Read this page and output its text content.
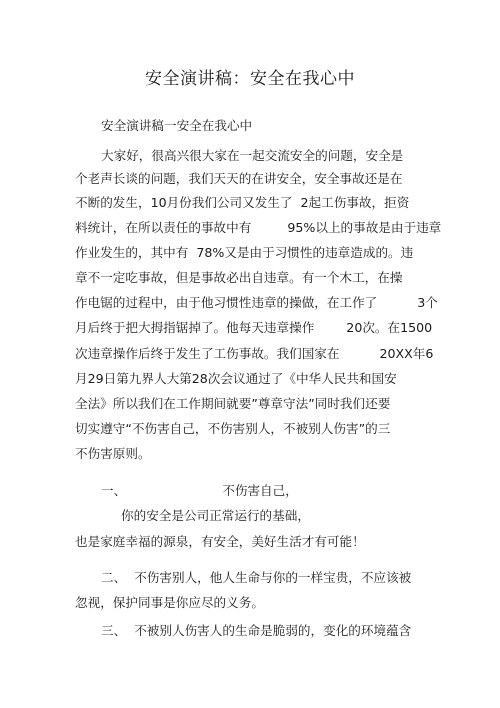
安全演讲稿：安全在我心中
安全演讲稿一安全在我心中
大家好，很高兴很大家在一起交流安全的问题，安全是
个老声长谈的问题，我们天天的在讲安全，安全事故还是在
不断的发生，10月份我们公司又发生了  2起工伤事故，拒资
料统计，在所以责任的事故中有         95%以上的事故是由于违章
作业发生的，其中有  78%又是由于习惯性的违章造成的。违
章不一定吃事故，但是事故必出自违章。有一个木工，在操
作电锯的过程中，由于他习惯性违章的操做，在工作了          3个
月后终于把大拇指锯掉了。他每天违章操作        20次。在1500
次违章操作后终于发生了工伤事故。我们国家在          20XX年6
月29日第九界人大第28次会议通过了《中华人民共和国安
全法》所以我们在工作期间就要”尊章守法”同时我们还要
切实遵守“不伤害自己，不伤害别人，不被别人伤害”的三
不伤害原则。
一、                        不伤害自己，
你的安全是公司正常运行的基础，
也是家庭幸福的源泉，有安全，美好生活才有可能！
二、  不伤害别人，他人生命与你的一样宝贵，不应该被
忽视，保护同事是你应尽的义务。
三、  不被别人伤害人的生命是脆弱的，变化的环境蕴含
